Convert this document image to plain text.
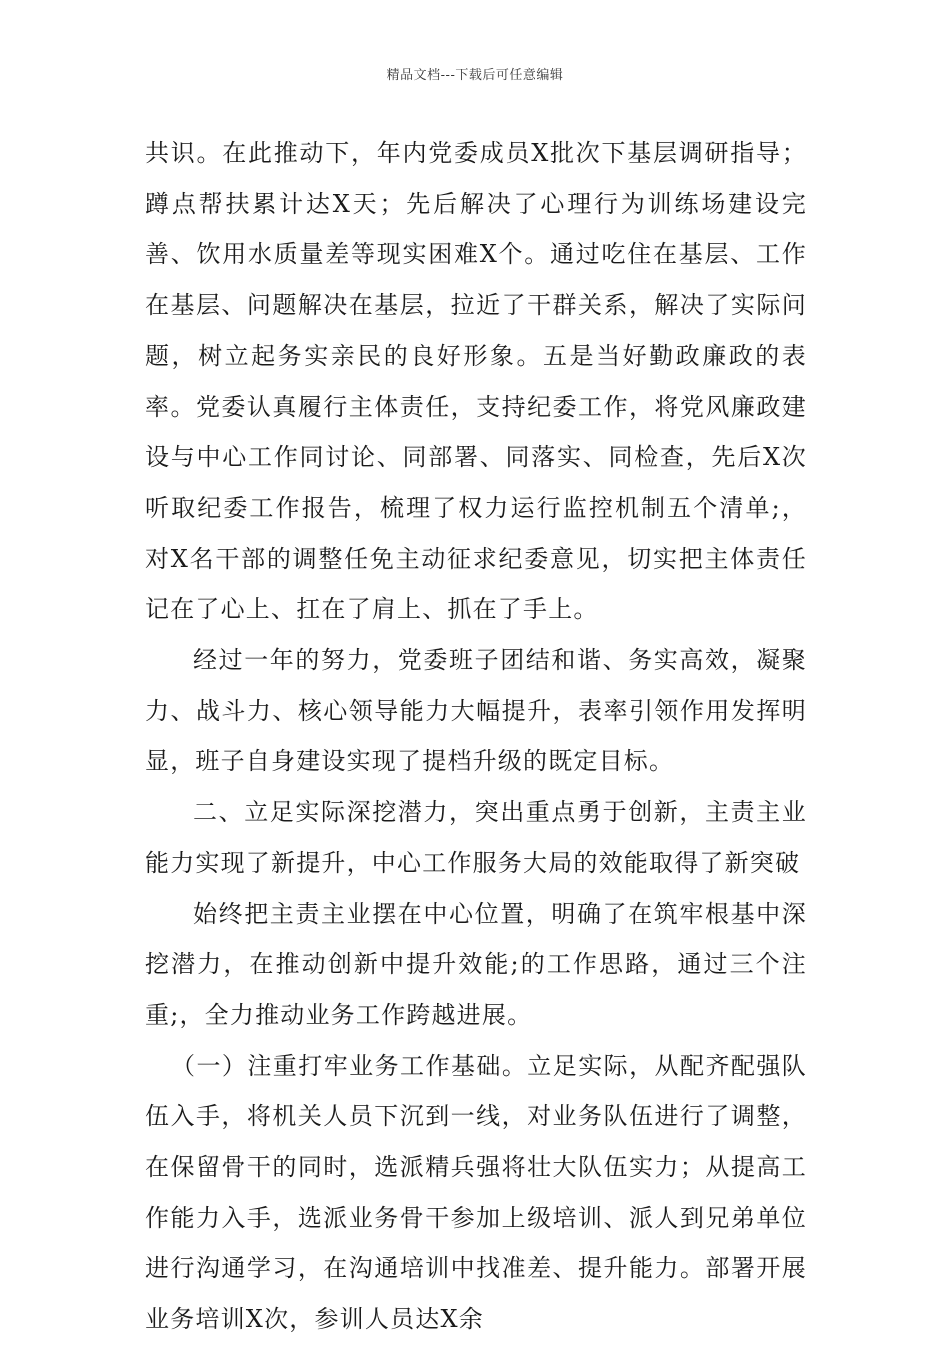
精品文档---下载后可任意编辑

共识。在此推动下，年内党委成员X批次下基层调研指导；蹲点帮扶累计达X天；先后解决了心理行为训练场建设完善、饮用水质量差等现实困难X个。通过吃住在基层、工作在基层、问题解决在基层，拉近了干群关系，解决了实际问题，树立起务实亲民的良好形象。五是当好勤政廉政的表率。党委认真履行主体责任，支持纪委工作，将党风廉政建设与中心工作同讨论、同部署、同落实、同检查，先后X次听取纪委工作报告，梳理了权力运行监控机制五个清单;，对X名干部的调整任免主动征求纪委意见，切实把主体责任记在了心上、扛在了肩上、抓在了手上。

经过一年的努力，党委班子团结和谐、务实高效，凝聚力、战斗力、核心领导能力大幅提升，表率引领作用发挥明显，班子自身建设实现了提档升级的既定目标。

二、立足实际深挖潜力，突出重点勇于创新，主责主业能力实现了新提升，中心工作服务大局的效能取得了新突破

始终把主责主业摆在中心位置，明确了在筑牢根基中深挖潜力，在推动创新中提升效能;的工作思路，通过三个注重;，全力推动业务工作跨越进展。

（一）注重打牢业务工作基础。立足实际，从配齐配强队伍入手，将机关人员下沉到一线，对业务队伍进行了调整，在保留骨干的同时，选派精兵强将壮大队伍实力；从提高工作能力入手，选派业务骨干参加上级培训、派人到兄弟单位进行沟通学习，在沟通培训中找准差、提升能力。部署开展业务培训X次，参训人员达X余
